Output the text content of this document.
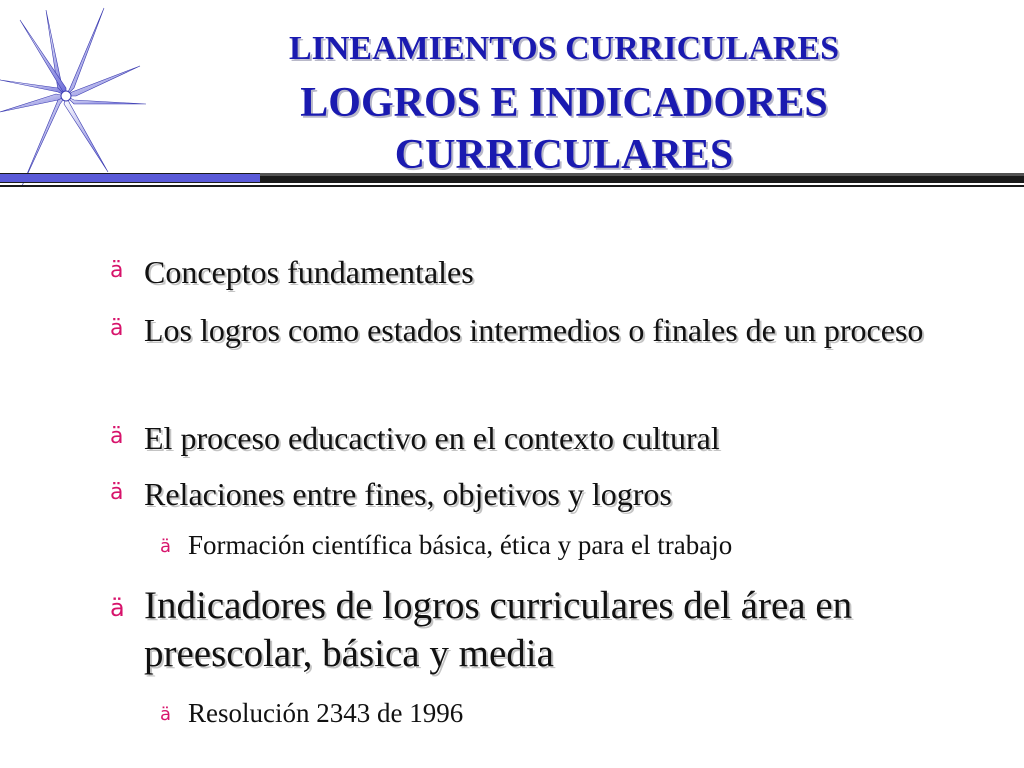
LINEAMIENTOS CURRICULARES
LOGROS E INDICADORES
CURRICULARES
ä Conceptos fundamentales
ä Los logros como estados intermedios o finales de un proceso
ä El proceso educactivo en el contexto cultural
ä Relaciones entre fines, objetivos y logros
ä Formación científica básica, ética y para el trabajo
ä Indicadores de logros curriculares del área en preescolar, básica y media
ä Resolución 2343 de 1996
